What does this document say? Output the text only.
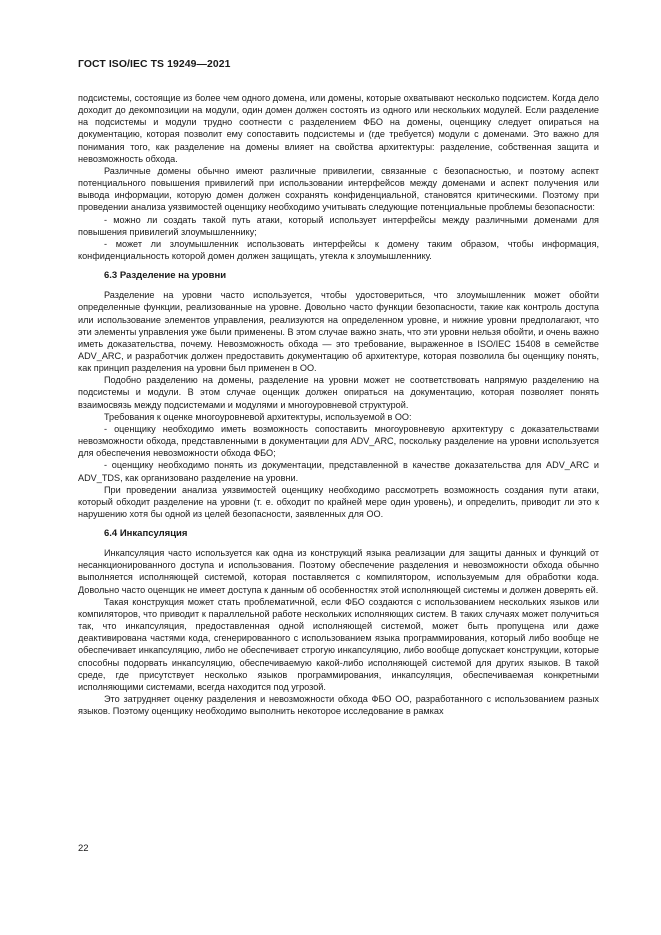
ГОСТ ISO/IEC TS 19249—2021

подсистемы, состоящие из более чем одного домена, или домены, которые охватывают несколько подсистем. Когда дело доходит до декомпозиции на модули, один домен должен состоять из одного или нескольких модулей. Если разделение на подсистемы и модули трудно соотнести с разделением ФБО на домены, оценщику следует опираться на документацию, которая позволит ему сопоставить подсистемы и (где требуется) модули с доменами. Это важно для понимания того, как разделение на домены влияет на свойства архитектуры: разделение, собственная защита и невозможность обхода.

Различные домены обычно имеют различные привилегии, связанные с безопасностью, и поэтому аспект потенциального повышения привилегий при использовании интерфейсов между доменами и аспект получения или вывода информации, которую домен должен сохранять конфиденциальной, становятся критическими. Поэтому при проведении анализа уязвимостей оценщику необходимо учитывать следующие потенциальные проблемы безопасности:

- можно ли создать такой путь атаки, который использует интерфейсы между различными доменами для повышения привилегий злоумышленнику;

- может ли злоумышленник использовать интерфейсы к домену таким образом, чтобы информация, конфиденциальность которой домен должен защищать, утекла к злоумышленнику.

6.3 Разделение на уровни

Разделение на уровни часто используется, чтобы удостовериться, что злоумышленник может обойти определенные функции, реализованные на уровне. Довольно часто функции безопасности, такие как контроль доступа или использование элементов управления, реализуются на определенном уровне, и нижние уровни предполагают, что эти элементы управления уже были применены. В этом случае важно знать, что эти уровни нельзя обойти, и очень важно иметь доказательства, почему. Невозможность обхода — это требование, выраженное в ISO/IEC 15408 в семействе ADV_ARC, и разработчик должен предоставить документацию об архитектуре, которая позволила бы оценщику понять, как принцип разделения на уровни был применен в ОО.

Подобно разделению на домены, разделение на уровни может не соответствовать напрямую разделению на подсистемы и модули. В этом случае оценщик должен опираться на документацию, которая позволяет понять взаимосвязь между подсистемами и модулями и многоуровневой структурой.

Требования к оценке многоуровневой архитектуры, используемой в ОО:

- оценщику необходимо иметь возможность сопоставить многоуровневую архитектуру с доказательствами невозможности обхода, представленными в документации для ADV_ARC, поскольку разделение на уровни используется для обеспечения невозможности обхода ФБО;

- оценщику необходимо понять из документации, представленной в качестве доказательства для ADV_ARC и ADV_TDS, как организовано разделение на уровни.

При проведении анализа уязвимостей оценщику необходимо рассмотреть возможность создания пути атаки, который обходит разделение на уровни (т. е. обходит по крайней мере один уровень), и определить, приводит ли это к нарушению хотя бы одной из целей безопасности, заявленных для ОО.

6.4 Инкапсуляция

Инкапсуляция часто используется как одна из конструкций языка реализации для защиты данных и функций от несанкционированного доступа и использования. Поэтому обеспечение разделения и невозможности обхода обычно выполняется исполняющей системой, которая поставляется с компилятором, используемым для обработки кода. Довольно часто оценщик не имеет доступа к данным об особенностях этой исполняющей системы и должен доверять ей.

Такая конструкция может стать проблематичной, если ФБО создаются с использованием нескольких языков или компиляторов, что приводит к параллельной работе нескольких исполняющих систем. В таких случаях может получиться так, что инкапсуляция, предоставленная одной исполняющей системой, может быть пропущена или даже деактивирована частями кода, сгенерированного с использованием языка программирования, который либо вообще не обеспечивает инкапсуляцию, либо не обеспечивает строгую инкапсуляцию, либо вообще допускает конструкции, которые способны подорвать инкапсуляцию, обеспечиваемую какой-либо исполняющей системой для других языков. В такой среде, где присутствует несколько языков программирования, инкапсуляция, обеспечиваемая конкретными исполняющими системами, всегда находится под угрозой.

Это затрудняет оценку разделения и невозможности обхода ФБО ОО, разработанного с использованием разных языков. Поэтому оценщику необходимо выполнить некоторое исследование в рамках

22
